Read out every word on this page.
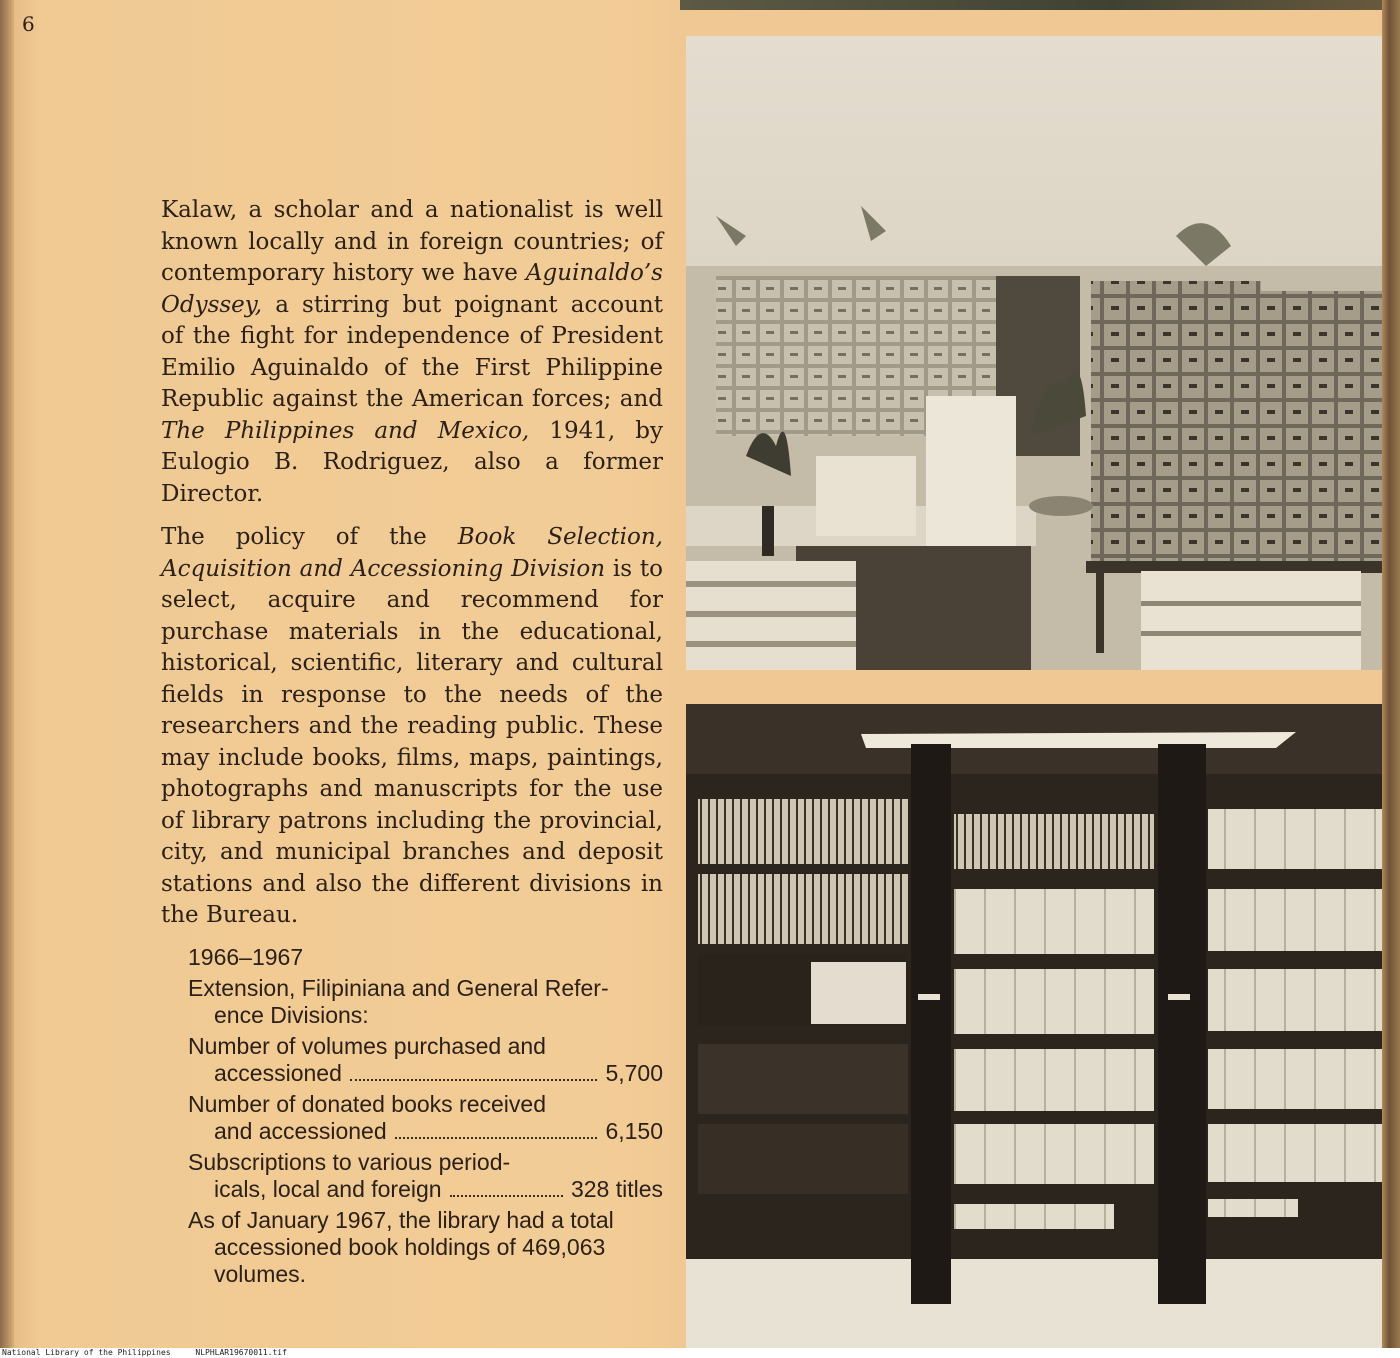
6

Kalaw, a scholar and a nationalist is well known locally and in foreign countries; of contemporary history we have Aguinaldo’s Odyssey, a stirring but poignant account of the fight for independence of President Emilio Aguinaldo of the First Philippine Republic against the American forces; and The Philippines and Mexico, 1941, by Eulogio B. Rodriguez, also a former Director.

The policy of the Book Selection, Acquisition and Accessioning Division is to select, acquire and recommend for purchase materials in the educational, historical, scientific, literary and cultural fields in response to the needs of the researchers and the reading public. These may include books, films, maps, paintings, photographs and manuscripts for the use of library patrons including the provincial, city, and municipal branches and deposit stations and also the different divisions in the Bureau.

1966–1967
Extension, Filipiniana and General Refer-
ence Divisions:
Number of volumes purchased and
accessioned	5,700
Number of donated books received
and accessioned	6,150
Subscriptions to various period-
icals, local and foreign	328 titles
As of January 1967, the library had a total
accessioned book holdings of 469,063
volumes.
National Library of the Philippines	NLPHLAR19670011.tif
